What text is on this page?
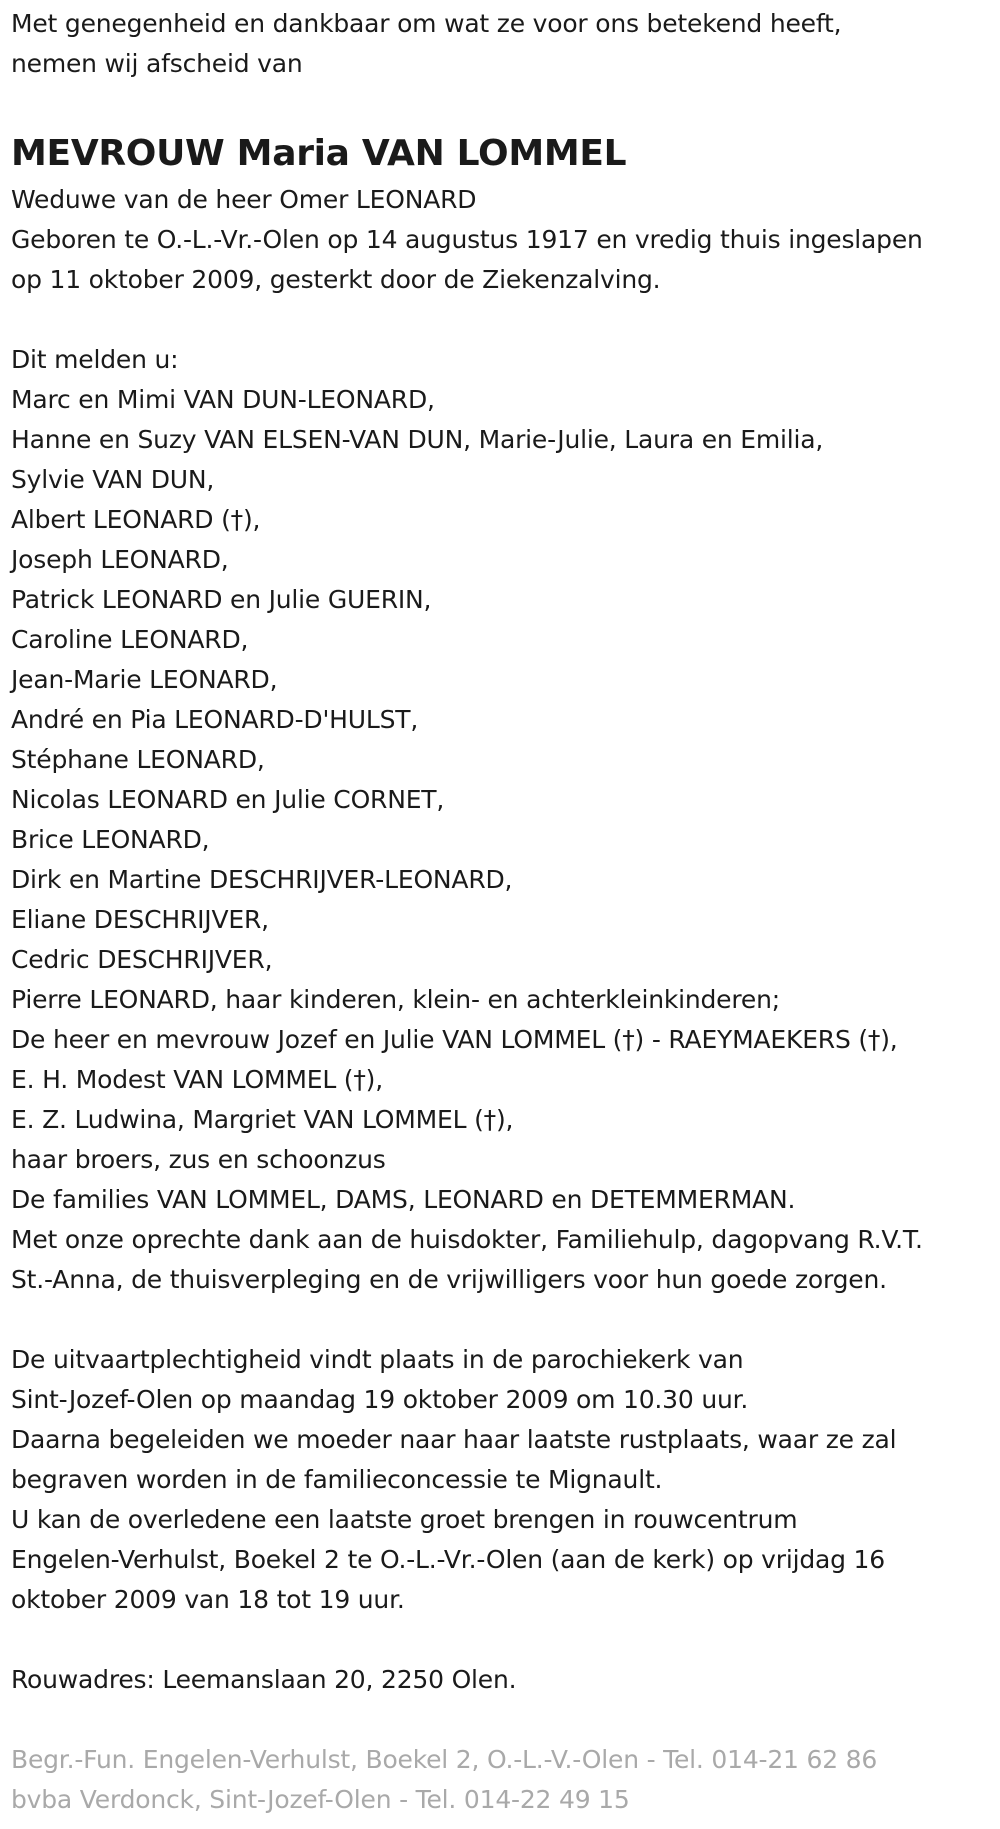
Met genegenheid en dankbaar om wat ze voor ons betekend heeft,
nemen wij afscheid van
MEVROUW Maria VAN LOMMEL
Weduwe van de heer Omer LEONARD
Geboren te O.-L.-Vr.-Olen op 14 augustus 1917 en vredig thuis ingeslapen
op 11 oktober 2009, gesterkt door de Ziekenzalving.
Dit melden u:
Marc en Mimi VAN DUN-LEONARD,
Hanne en Suzy VAN ELSEN-VAN DUN, Marie-Julie, Laura en Emilia,
Sylvie VAN DUN,
Albert LEONARD (†),
Joseph LEONARD,
Patrick LEONARD en Julie GUERIN,
Caroline LEONARD,
Jean-Marie LEONARD,
André en Pia LEONARD-D'HULST,
Stéphane LEONARD,
Nicolas LEONARD en Julie CORNET,
Brice LEONARD,
Dirk en Martine DESCHRIJVER-LEONARD,
Eliane DESCHRIJVER,
Cedric DESCHRIJVER,
Pierre LEONARD, haar kinderen, klein- en achterkleinkinderen;
De heer en mevrouw Jozef en Julie VAN LOMMEL (†) - RAEYMAEKERS (†),
E. H. Modest VAN LOMMEL (†),
E. Z. Ludwina, Margriet VAN LOMMEL (†),
haar broers, zus en schoonzus
De families VAN LOMMEL, DAMS, LEONARD en DETEMMERMAN.
Met onze oprechte dank aan de huisdokter, Familiehulp, dagopvang R.V.T.
St.-Anna, de thuisverpleging en de vrijwilligers voor hun goede zorgen.
De uitvaartplechtigheid vindt plaats in de parochiekerk van
Sint-Jozef-Olen op maandag 19 oktober 2009 om 10.30 uur.
Daarna begeleiden we moeder naar haar laatste rustplaats, waar ze zal
begraven worden in de familieconcessie te Mignault.
U kan de overledene een laatste groet brengen in rouwcentrum
Engelen-Verhulst, Boekel 2 te O.-L.-Vr.-Olen (aan de kerk) op vrijdag 16
oktober 2009 van 18 tot 19 uur.
Rouwadres: Leemanslaan 20, 2250 Olen.
Begr.-Fun. Engelen-Verhulst, Boekel 2, O.-L.-V.-Olen - Tel. 014-21 62 86
bvba Verdonck, Sint-Jozef-Olen - Tel. 014-22 49 15
